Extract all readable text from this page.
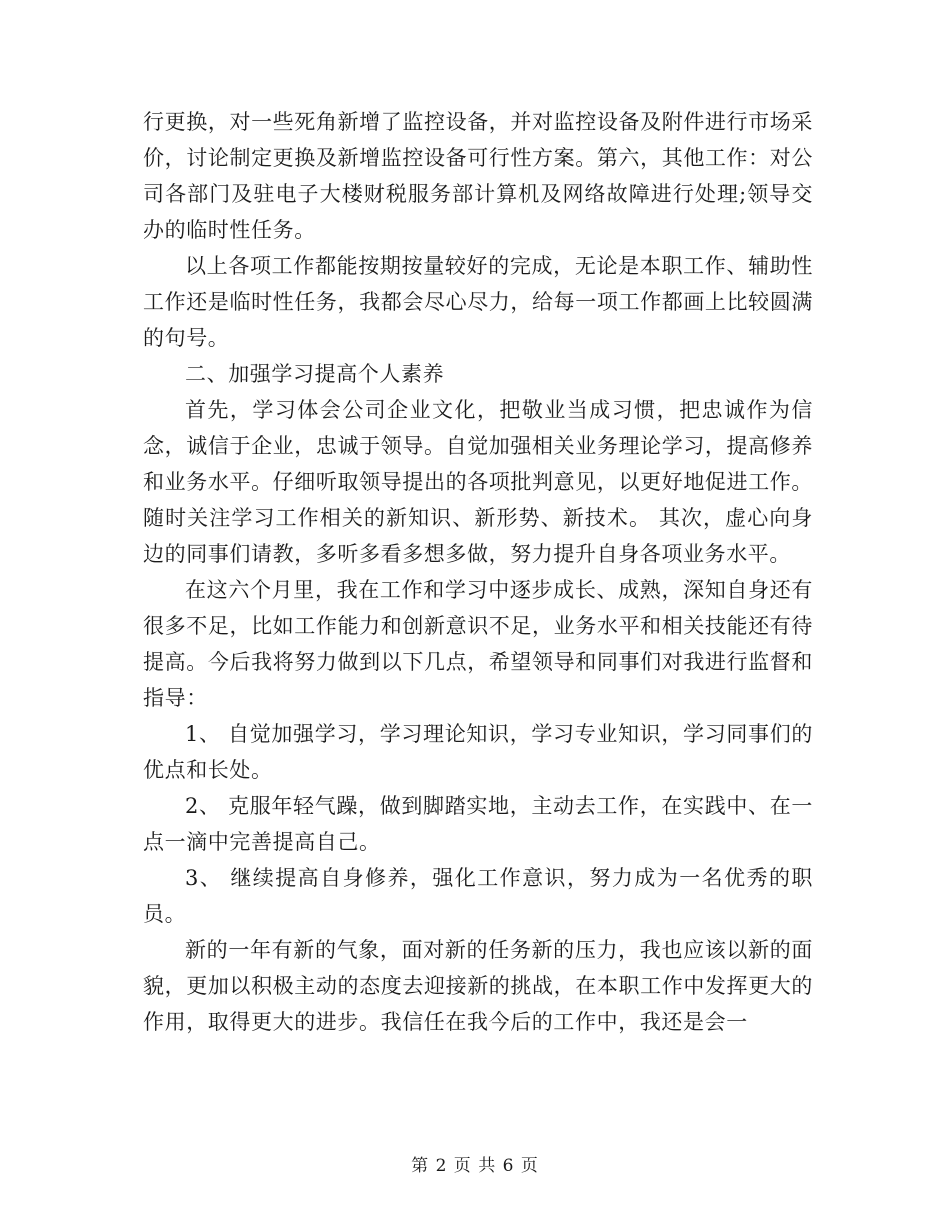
行更换，对一些死角新增了监控设备，并对监控设备及附件进行市场采价，讨论制定更换及新增监控设备可行性方案。第六，其他工作：对公司各部门及驻电子大楼财税服务部计算机及网络故障进行处理;领导交办的临时性任务。

以上各项工作都能按期按量较好的完成，无论是本职工作、辅助性工作还是临时性任务，我都会尽心尽力，给每一项工作都画上比较圆满的句号。

二、加强学习提高个人素养

首先，学习体会公司企业文化，把敬业当成习惯，把忠诚作为信念，诚信于企业，忠诚于领导。自觉加强相关业务理论学习，提高修养和业务水平。仔细听取领导提出的各项批判意见，以更好地促进工作。随时关注学习工作相关的新知识、新形势、新技术。 其次，虚心向身边的同事们请教，多听多看多想多做，努力提升自身各项业务水平。

在这六个月里，我在工作和学习中逐步成长、成熟，深知自身还有很多不足，比如工作能力和创新意识不足，业务水平和相关技能还有待提高。今后我将努力做到以下几点，希望领导和同事们对我进行监督和指导：

1、 自觉加强学习，学习理论知识，学习专业知识，学习同事们的优点和长处。

2、 克服年轻气躁，做到脚踏实地，主动去工作，在实践中、在一点一滴中完善提高自己。

3、 继续提高自身修养，强化工作意识，努力成为一名优秀的职员。

新的一年有新的气象，面对新的任务新的压力，我也应该以新的面貌，更加以积极主动的态度去迎接新的挑战，在本职工作中发挥更大的作用，取得更大的进步。我信任在我今后的工作中，我还是会一

第 2 页 共 6 页
